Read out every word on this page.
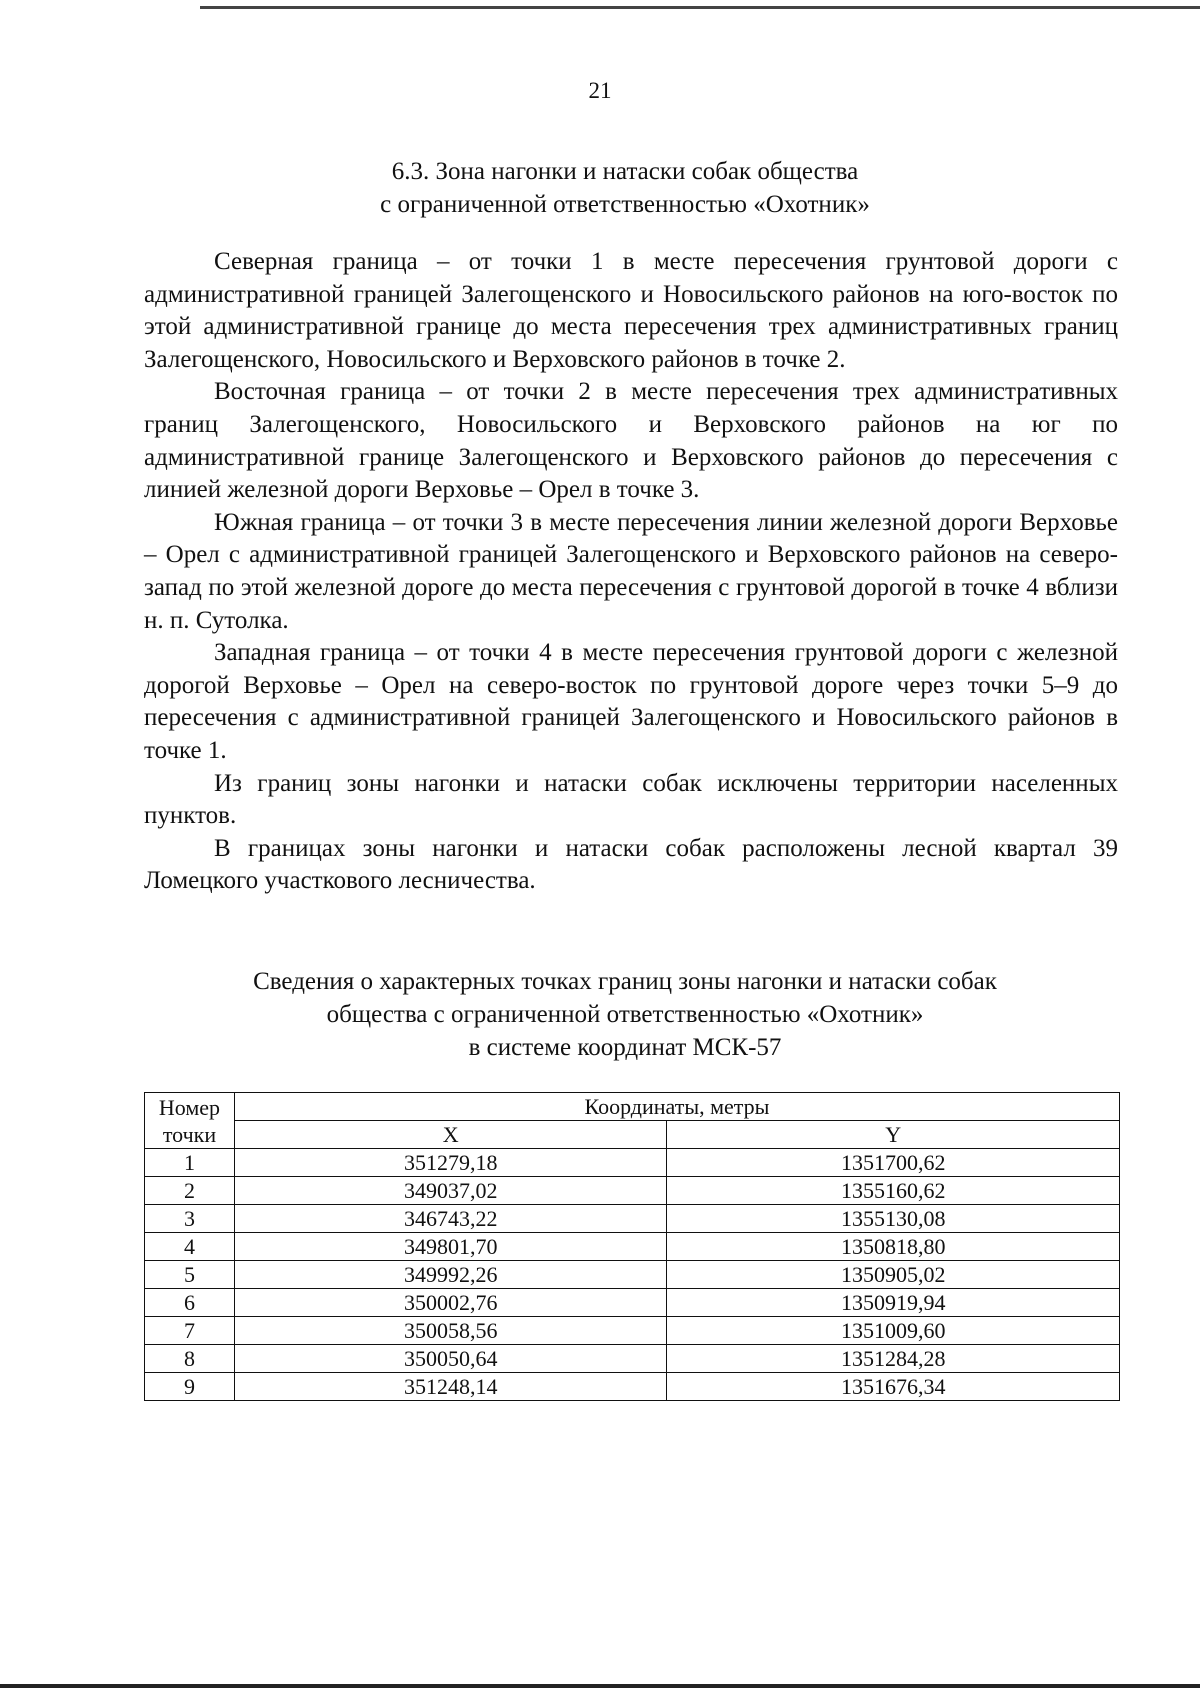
21
6.3. Зона нагонки и натаски собак общества
с ограниченной ответственностью «Охотник»

Северная граница – от точки 1 в месте пересечения грунтовой дороги с административной границей Залегощенского и Новосильского районов на юго-восток по этой административной границе до места пересечения трех административных границ Залегощенского, Новосильского и Верховского районов в точке 2.

Восточная граница – от точки 2 в месте пересечения трех административных границ Залегощенского, Новосильского и Верховского районов на юг по административной границе Залегощенского и Верховского районов до пересечения с линией железной дороги Верховье – Орел в точке 3.

Южная граница – от точки 3 в месте пересечения линии железной дороги Верховье – Орел с административной границей Залегощенского и Верховского районов на северо-запад по этой железной дороге до места пересечения с грунтовой дорогой в точке 4 вблизи н. п. Сутолка.

Западная граница – от точки 4 в месте пересечения грунтовой дороги с железной дорогой Верховье – Орел на северо-восток по грунтовой дороге через точки 5–9 до пересечения с административной границей Залегощенского и Новосильского районов в точке 1.

Из границ зоны нагонки и натаски собак исключены территории населенных пунктов.

В границах зоны нагонки и натаски собак расположены лесной квартал 39 Ломецкого участкового лесничества.

Сведения о характерных точках границ зоны нагонки и натаски собак
общества с ограниченной ответственностью «Охотник»
в системе координат МСК-57
Номер
точки	Координаты, метры	
	X	Y
1	351279,18	1351700,62
2	349037,02	1355160,62
3	346743,22	1355130,08
4	349801,70	1350818,80
5	349992,26	1350905,02
6	350002,76	1350919,94
7	350058,56	1351009,60
8	350050,64	1351284,28
9	351248,14	1351676,34
